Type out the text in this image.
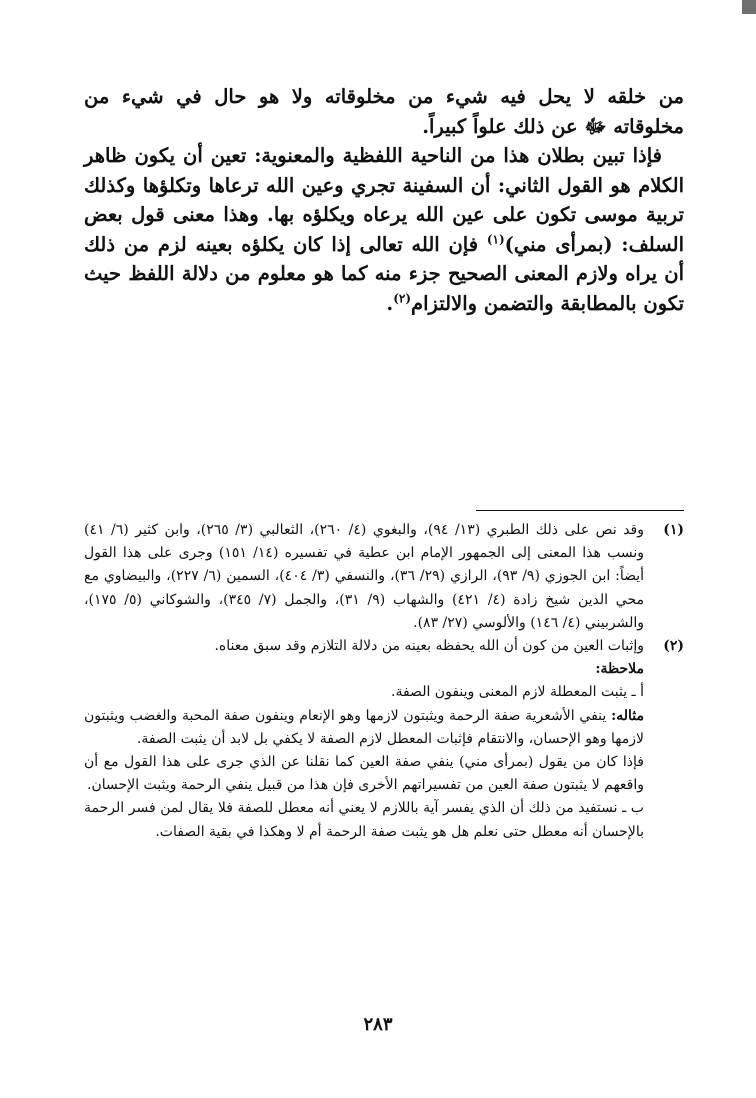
من خلقه لا يحل فيه شيء من مخلوقاته ولا هو حال في شيء من مخلوقاته ﷻ عن ذلك علواً كبيراً.

فإذا تبين بطلان هذا من الناحية اللفظية والمعنوية: تعين أن يكون ظاهر الكلام هو القول الثاني: أن السفينة تجري وعين الله ترعاها وتكلؤها وكذلك تربية موسى تكون على عين الله يرعاه ويكلؤه بها. وهذا معنى قول بعض السلف: (بمرأى مني)$^{(١)}$ فإن الله تعالى إذا كان يكلؤه بعينه لزم من ذلك أن يراه ولازم المعنى الصحيح جزء منه كما هو معلوم من دلالة اللفظ حيث تكون بالمطابقة والتضمن والالتزام$^{(٢)}$.

(١)
وقد نص على ذلك الطبري (١٣/ ٩٤)، والبغوي (٤/ ٢٦٠)، الثعالبي (٣/ ٢٦٥)، وابن كثير (٦/ ٤١) ونسب هذا المعنى إلى الجمهور الإمام ابن عطية في تفسيره (١٤/ ١٥١) وجرى على هذا القول أيضاً: ابن الجوزي (٩/ ٩٣)، الرازي (٢٩/ ٣٦)، والنسفي (٣/ ٤٠٤)، السمين (٦/ ٢٢٧)، والبيضاوي مع محي الدين شيخ زادة (٤/ ٤٢١) والشهاب (٩/ ٣١)، والجمل (٧/ ٣٤٥)، والشوكاني (٥/ ١٧٥)، والشربيني (٤/ ١٤٦) والألوسي (٢٧/ ٨٣).
(٢)

وإثبات العين من كون أن الله يحفظه بعينه من دلالة التلازم وقد سبق معناه.

ملاحظة:

أ ـ يثبت المعطلة لازم المعنى وينفون الصفة.

مثاله: ينفي الأشعرية صفة الرحمة ويثبتون لازمها وهو الإنعام وينفون صفة المحبة والغضب ويثبتون لازمها وهو الإحسان، والانتقام فإثبات المعطل لازم الصفة لا يكفي بل لابد أن يثبت الصفة.

فإذا كان من يقول (بمرأى مني) ينفي صفة العين كما نقلنا عن الذي جرى على هذا القول مع أن واقعهم لا يثبتون صفة العين من تفسيراتهم الأخرى فإن هذا من قبيل ينفي الرحمة ويثبت الإحسان.

ب ـ نستفيد من ذلك أن الذي يفسر آية باللازم لا يعني أنه معطل للصفة فلا يقال لمن فسر الرحمة بالإحسان أنه معطل حتى نعلم هل هو يثبت صفة الرحمة أم لا وهكذا في بقية الصفات.

٢٨٣
